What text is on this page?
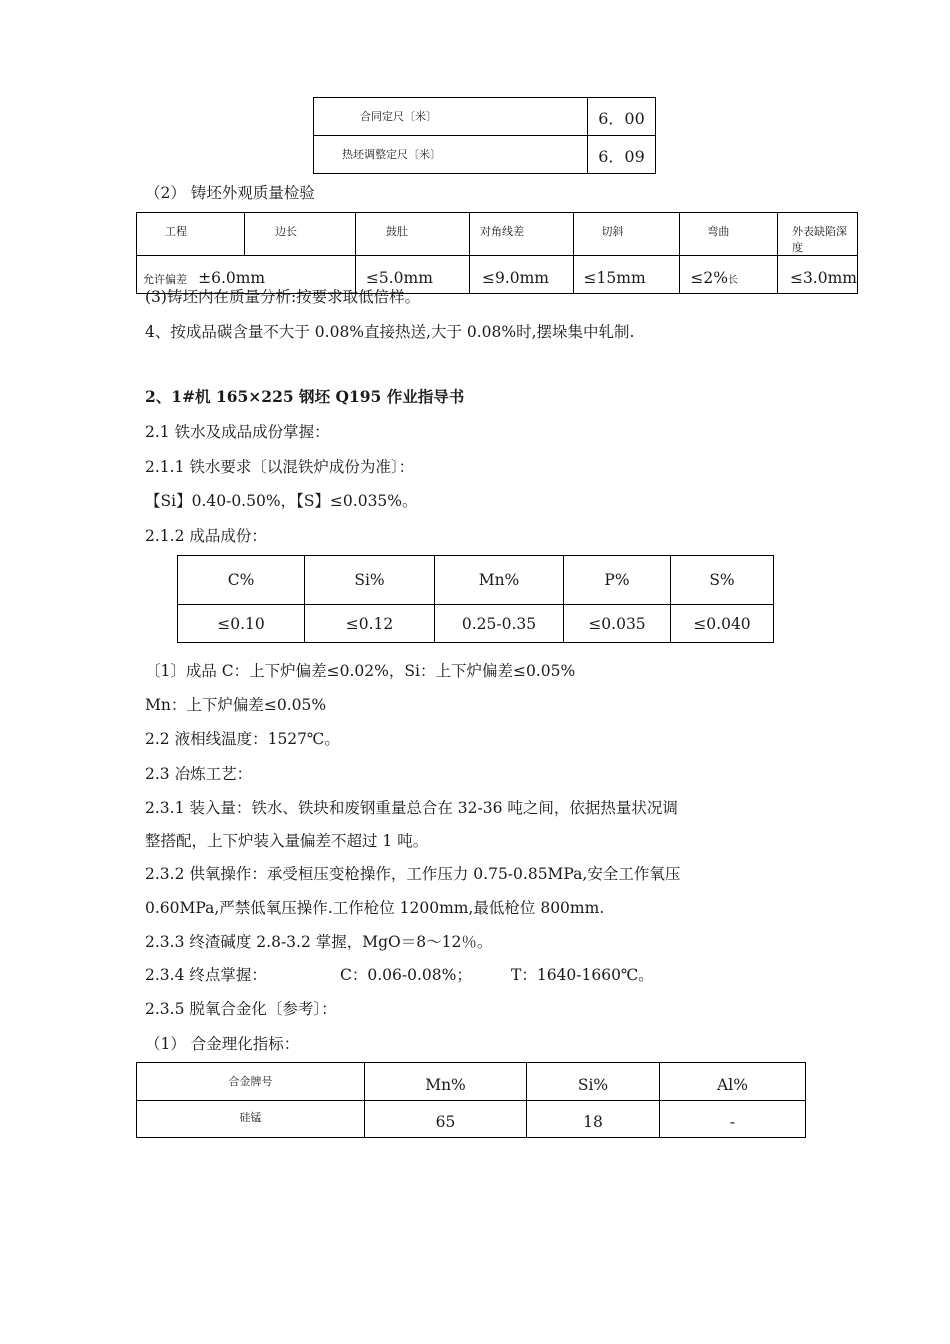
合同定尺〔米〕	6．00
热坯调整定尺〔米〕	6．09
（2） 铸坯外观质量检验
工程	边长	鼓肚	对角线差	切斜	弯曲	外表缺陷深度
允许偏差 ±6.0mm		≤5.0mm	≤9.0mm	≤15mm	≤2%长	≤3.0mm
(3)铸坯内在质量分析:按要求取低倍样。
4、按成品碳含量不大于 0.08%直接热送,大于 0.08%时,摆垛集中轧制.
2、1#机 165×225 钢坯 Q195 作业指导书
2.1 铁水及成品成份掌握：
2.1.1 铁水要求〔以混铁炉成份为准〕：
【Si】0.40-0.50%，【S】≤0.035%。
2.1.2 成品成份：
C%	Si%	Mn%	P%	S%
≤0.10	≤0.12	0.25-0.35	≤0.035	≤0.040
〔1〕成品 C：上下炉偏差≤0.02%，Si：上下炉偏差≤0.05%
Mn：上下炉偏差≤0.05%
2.2 液相线温度：1527℃。
2.3 冶炼工艺：
2.3.1 装入量：铁水、铁块和废钢重量总合在 32-36 吨之间，依据热量状况调
整搭配，上下炉装入量偏差不超过 1 吨。
2.3.2 供氧操作：承受桓压变枪操作，工作压力 0.75-0.85MPa,安全工作氧压
0.60MPa,严禁低氧压操作.工作枪位 1200mm,最低枪位 800mm.
2.3.3 终渣碱度 2.8-3.2 掌握，MgO＝8～12％。
2.3.4 终点掌握：	C：0.06-0.08%；	T：1640-1660℃。
2.3.5 脱氧合金化〔参考〕：
（1） 合金理化指标：
合金牌号	Mn%	Si%	Al%
硅锰	65	18	-
